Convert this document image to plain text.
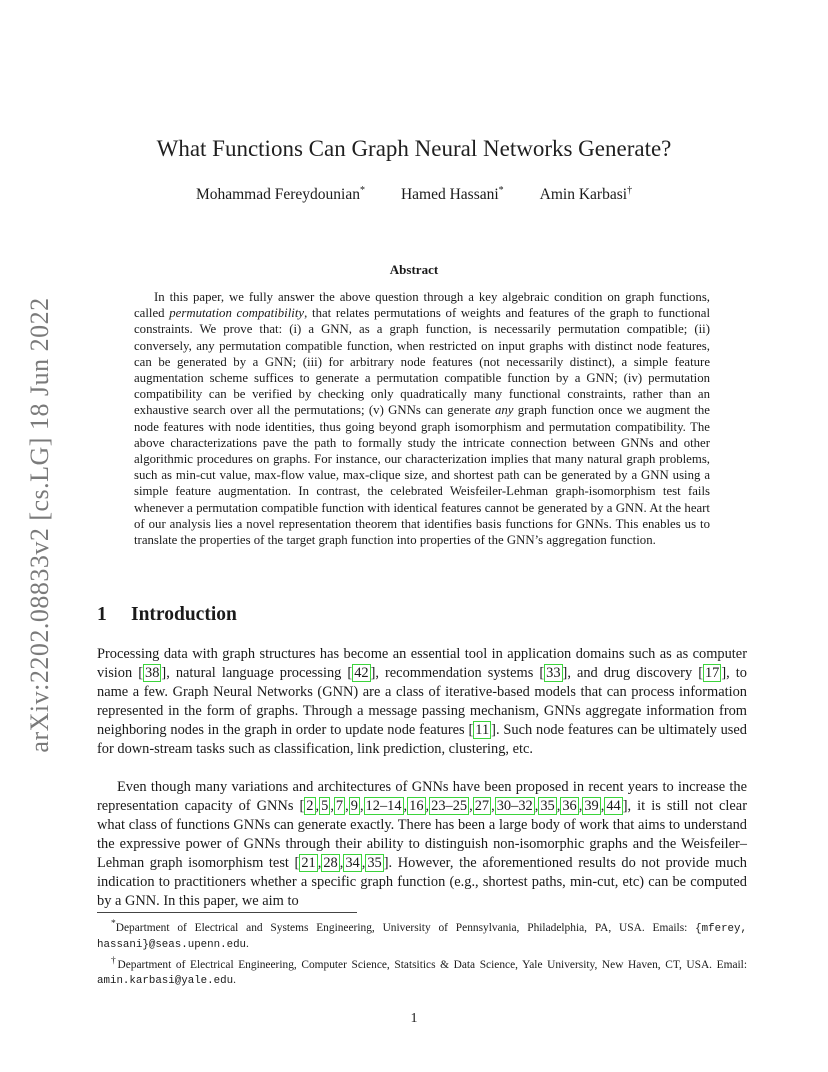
arXiv:2202.08833v2 [cs.LG] 18 Jun 2022
What Functions Can Graph Neural Networks Generate?
Mohammad Fereydounian* Hamed Hassani* Amin Karbasi†
Abstract
In this paper, we fully answer the above question through a key algebraic condition on graph functions, called permutation compatibility, that relates permutations of weights and features of the graph to functional constraints. We prove that: (i) a GNN, as a graph function, is necessarily permutation compatible; (ii) conversely, any permutation compatible function, when restricted on input graphs with distinct node features, can be generated by a GNN; (iii) for arbitrary node features (not necessarily distinct), a simple feature augmentation scheme suffices to generate a permutation compatible function by a GNN; (iv) permutation compatibility can be verified by checking only quadratically many functional constraints, rather than an exhaustive search over all the permutations; (v) GNNs can generate any graph function once we augment the node features with node identities, thus going beyond graph isomorphism and permutation compatibility. The above characterizations pave the path to formally study the intricate connection between GNNs and other algorithmic procedures on graphs. For instance, our characterization implies that many natural graph problems, such as min-cut value, max-flow value, max-clique size, and shortest path can be generated by a GNN using a simple feature augmentation. In contrast, the celebrated Weisfeiler-Lehman graph-isomorphism test fails whenever a permutation compatible function with identical features cannot be generated by a GNN. At the heart of our analysis lies a novel representation theorem that identifies basis functions for GNNs. This enables us to translate the properties of the target graph function into properties of the GNN’s aggregation function.
1 Introduction
Processing data with graph structures has become an essential tool in application domains such as as computer vision [ 38 ], natural language processing [ 42 ], recommendation systems [ 33 ], and drug discovery [ 17 ], to name a few. Graph Neural Networks (GNN) are a class of iterative-based models that can process information represented in the form of graphs. Through a message passing mechanism, GNNs aggregate information from neighboring nodes in the graph in order to update node features [ 11 ]. Such node features can be ultimately used for down-stream tasks such as classification, link prediction, clustering, etc.
Even though many variations and architectures of GNNs have been proposed in recent years to increase the representation capacity of GNNs [ 2 , 5 , 7 , 9 , 12–14 , 16 , 23–25 , 27 , 30–32 , 35 , 36 , 39 , 44 ], it is still not clear what class of functions GNNs can generate exactly. There has been a large body of work that aims to understand the expressive power of GNNs through their ability to distinguish non-isomorphic graphs and the Weisfeiler–Lehman graph isomorphism test [ 21 , 28 , 34 , 35 ]. However, the aforementioned results do not provide much indication to practitioners whether a specific graph function (e.g., shortest paths, min-cut, etc) can be computed by a GNN. In this paper, we aim to

*Department of Electrical and Systems Engineering, University of Pennsylvania, Philadelphia, PA, USA. Emails: {mferey, hassani}@seas.upenn.edu.

†Department of Electrical Engineering, Computer Science, Statsitics & Data Science, Yale University, New Haven, CT, USA. Email: amin.karbasi@yale.edu.

1
